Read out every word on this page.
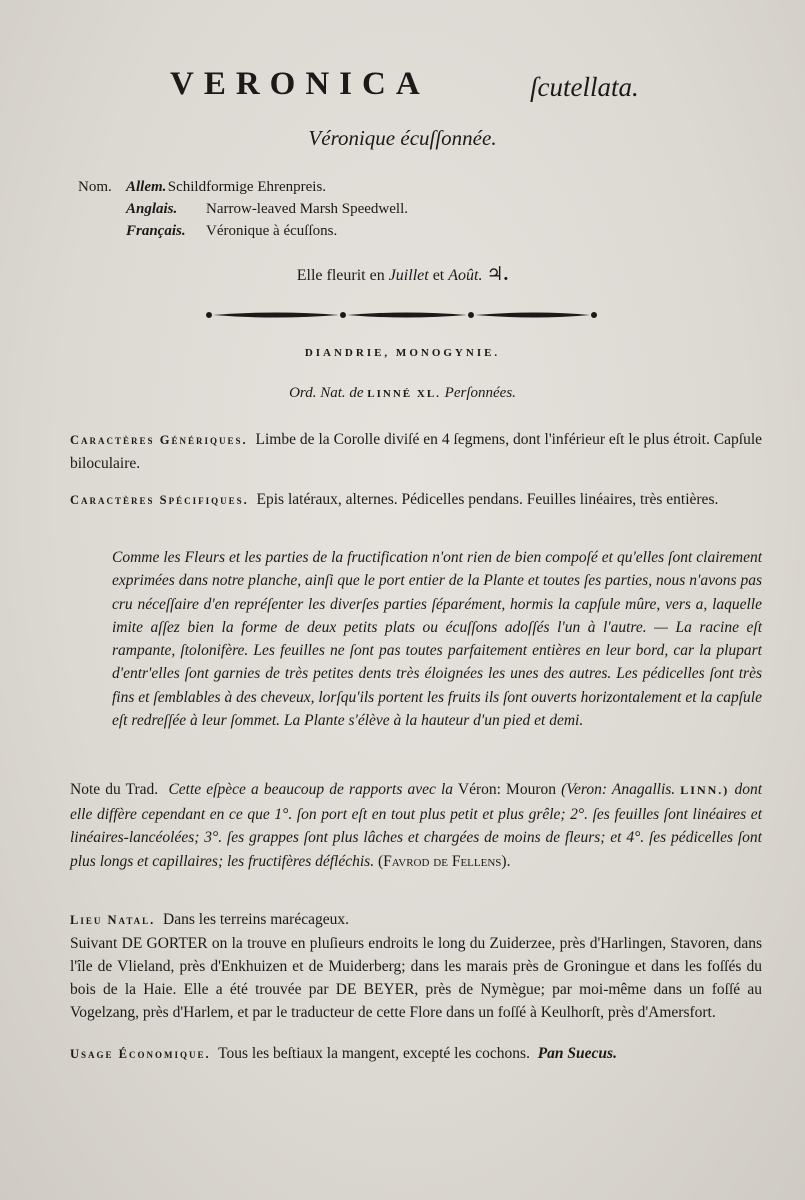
VERONICA	ſcutellata.
Véronique écuſſonnée.
Nom. Allem. Schildformige Ehrenpreis.
Anglais. Narrow-leaved Marsh Speedwell.
Français. Véronique à écuſſons.
Elle fleurit en Juillet et Août. ♃.
DIANDRIE, MONOGYNIE.
Ord. Nat. de LINNÉ XL. Perſonnées.
Caractères Génériques. Limbe de la Corolle diviſé en 4 ſegmens, dont l'inférieur eſt le plus étroit. Capſule biloculaire.
Caractères Spécifiques. Epis latéraux, alternes. Pédicelles pendans. Feuilles linéaires, très entières.
Comme les Fleurs et les parties de la fructification n'ont rien de bien compoſé et qu'elles ſont clairement exprimées dans notre planche, ainſi que le port entier de la Plante et toutes ſes parties, nous n'avons pas cru néceſſaire d'en repréſenter les diverſes parties ſéparément, hormis la capſule mûre, vers a, laquelle imite aſſez bien la forme de deux petits plats ou écuſſons adoſſés l'un à l'autre. — La racine eſt rampante, ſtolonifère. Les feuilles ne ſont pas toutes parfaitement entières en leur bord, car la plupart d'entr'elles ſont garnies de très petites dents très éloignées les unes des autres. Les pédicelles ſont très fins et ſemblables à des cheveux, lorſqu'ils portent les fruits ils ſont ouverts horizontalement et la capſule eſt redreſſée à leur ſommet. La Plante s'élève à la hauteur d'un pied et demi.
Note du Trad. Cette eſpèce a beaucoup de rapports avec la Véron: Mouron (Veron: Anagallis. LINN.) dont elle diffère cependant en ce que 1°. ſon port eſt en tout plus petit et plus grêle; 2°. ſes feuilles ſont linéaires et linéaires-lancéolées; 3°. ſes grappes ſont plus lâches et chargées de moins de fleurs; et 4°. ſes pédicelles ſont plus longs et capillaires; les fructifères défléchis. (Favrod de Fellens).
Lieu Natal. Dans les terreins marécageux.
Suivant DE GORTER on la trouve en pluſieurs endroits le long du Zuiderzee, près d'Harlingen, Stavoren, dans l'île de Vlieland, près d'Enkhuizen et de Muiderberg; dans les marais près de Groningue et dans les foſſés du bois de la Haie. Elle a été trouvée par DE BEYER, près de Nymègue; par moi-même dans un foſſé au Vogelzang, près d'Harlem, et par le traducteur de cette Flore dans un foſſé à Keulhorſt, près d'Amersfort.
Usage Économique. Tous les beſtiaux la mangent, excepté les cochons. Pan Suecus.
